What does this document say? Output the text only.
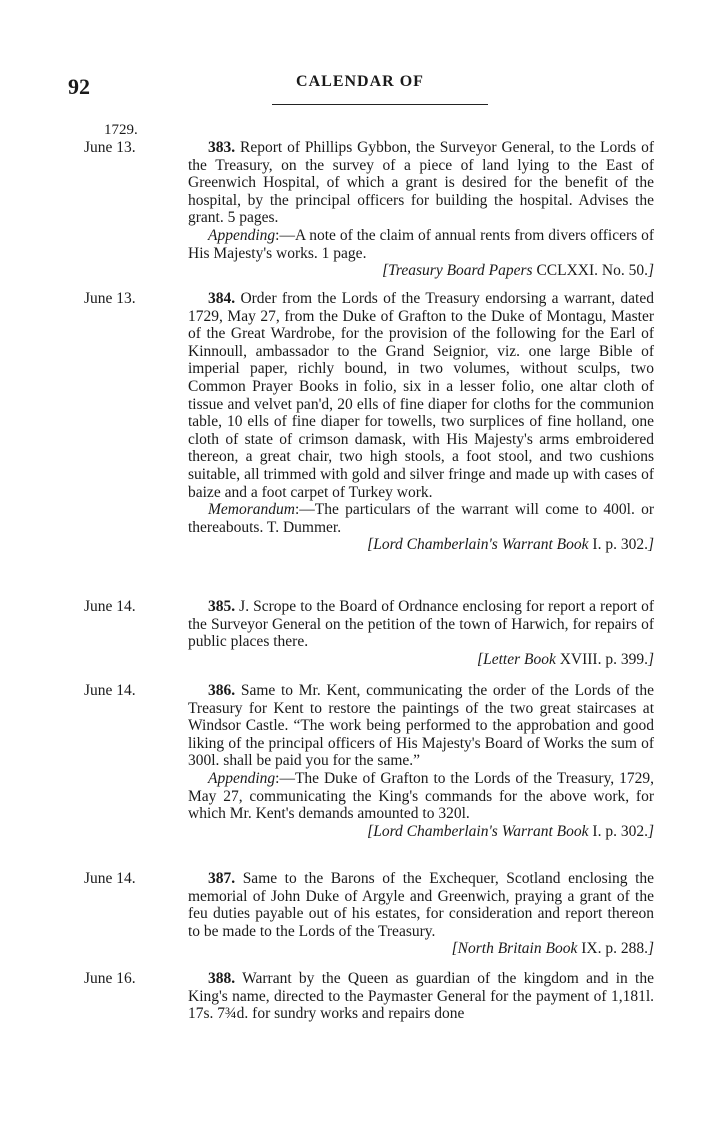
92	CALENDAR OF
1729.
June 13.	383. Report of Phillips Gybbon, the Surveyor General, to the Lords of the Treasury, on the survey of a piece of land lying to the East of Greenwich Hospital, of which a grant is desired for the benefit of the hospital, by the principal officers for building the hospital. Advises the grant. 5 pages.

Appending:—A note of the claim of annual rents from divers officers of His Majesty's works. 1 page.

[Treasury Board Papers CCLXXI. No. 50.]

June 13.	384. Order from the Lords of the Treasury endorsing a warrant, dated 1729, May 27, from the Duke of Grafton to the Duke of Montagu, Master of the Great Wardrobe, for the provision of the following for the Earl of Kinnoull, ambassador to the Grand Seignior, viz. one large Bible of imperial paper, richly bound, in two volumes, without sculps, two Common Prayer Books in folio, six in a lesser folio, one altar cloth of tissue and velvet pan'd, 20 ells of fine diaper for cloths for the communion table, 10 ells of fine diaper for towells, two surplices of fine holland, one cloth of state of crimson damask, with His Majesty's arms embroidered thereon, a great chair, two high stools, a foot stool, and two cushions suitable, all trimmed with gold and silver fringe and made up with cases of baize and a foot carpet of Turkey work.

Memorandum:—The particulars of the warrant will come to 400l. or thereabouts. T. Dummer.

[Lord Chamberlain's Warrant Book I. p. 302.]

June 14.	385. J. Scrope to the Board of Ordnance enclosing for report a report of the Surveyor General on the petition of the town of Harwich, for repairs of public places there.

[Letter Book XVIII. p. 399.]

June 14.	386. Same to Mr. Kent, communicating the order of the Lords of the Treasury for Kent to restore the paintings of the two great staircases at Windsor Castle. “The work being performed to the approbation and good liking of the principal officers of His Majesty's Board of Works the sum of 300l. shall be paid you for the same.”

Appending:—The Duke of Grafton to the Lords of the Treasury, 1729, May 27, communicating the King's commands for the above work, for which Mr. Kent's demands amounted to 320l.
[Lord Chamberlain's Warrant Book I. p. 302.]

June 14.	387. Same to the Barons of the Exchequer, Scotland enclosing the memorial of John Duke of Argyle and Greenwich, praying a grant of the feu duties payable out of his estates, for consideration and report thereon to be made to the Lords of the Treasury.
[North Britain Book IX. p. 288.]

June 16.	388. Warrant by the Queen as guardian of the kingdom and in the King's name, directed to the Paymaster General for the payment of 1,181l. 17s. 7¾d. for sundry works and repairs done
